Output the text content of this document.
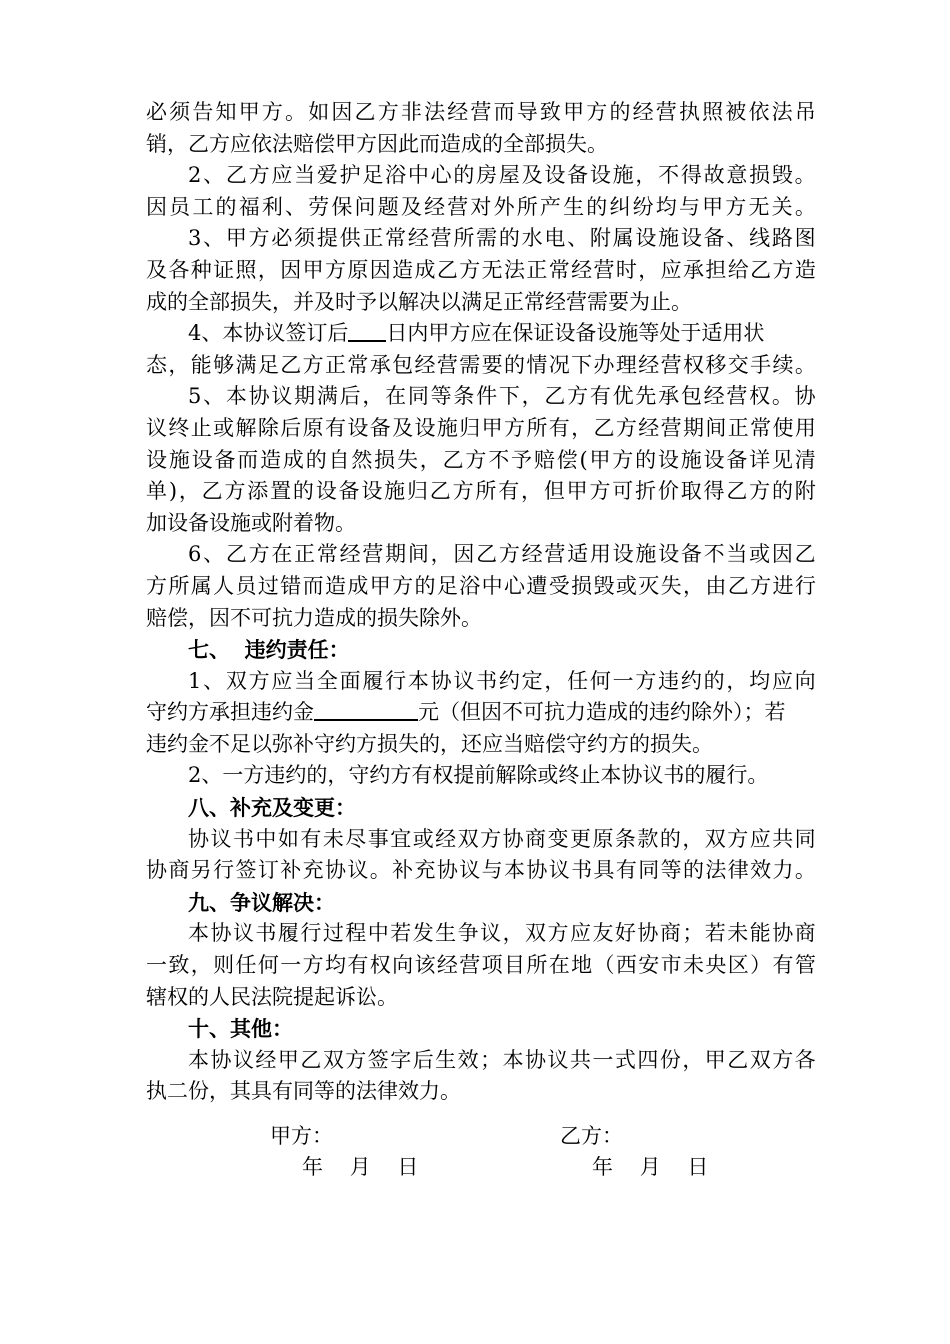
必 须 告 知 甲 方 。 如 因 乙 方 非 法 经 营 而 导 致 甲 方 的 经 营 执 照 被 依 法 吊
销，乙方应依法赔偿甲方因此而造成的全部损失。
2 、 乙 方 应 当 爱 护 足 浴 中 心 的 房 屋 及 设 备 设 施 ， 不 得 故 意 损 毁 。
因 员 工 的 福 利 、 劳 保 问 题 及 经 营 对 外 所 产 生 的 纠 纷 均 与 甲 方 无 关 。
3 、 甲 方 必 须 提 供 正 常 经 营 所 需 的 水 电 、 附 属 设 施 设 备 、 线 路 图
及 各 种 证 照 ， 因 甲 方 原 因 造 成 乙 方 无 法 正 常 经 营 时 ， 应 承 担 给 乙 方 造
成的全部损失，并及时予以解决以满足正常经营需要为止。
4、本协议签订后 日内甲方应在保证设备设施等处于适用状
态 ， 能 够 满 足 乙 方 正 常 承 包 经 营 需 要 的 情 况 下 办 理 经 营 权 移 交 手 续 。
5 、 本 协 议 期 满 后 ， 在 同 等 条 件 下 ， 乙 方 有 优 先 承 包 经 营 权 。 协
议 终 止 或 解 除 后 原 有 设 备 及 设 施 归 甲 方 所 有 ， 乙 方 经 营 期 间 正 常 使 用
设 施 设 备 而 造 成 的 自 然 损 失 ， 乙 方 不 予 赔 偿 ( 甲 方 的 设 施 设 备 详 见 清
单 ) ， 乙 方 添 置 的 设 备 设 施 归 乙 方 所 有 ， 但 甲 方 可 折 价 取 得 乙 方 的 附
加设备设施或附着物。
6 、 乙 方 在 正 常 经 营 期 间 ， 因 乙 方 经 营 适 用 设 施 设 备 不 当 或 因 乙
方 所 属 人 员 过 错 而 造 成 甲 方 的 足 浴 中 心 遭 受 损 毁 或 灭 失 ， 由 乙 方 进 行
赔偿，因不可抗力造成的损失除外。
七、  违约责任：
1 、 双 方 应 当 全 面 履 行 本 协 议 书 约 定 ， 任 何 一 方 违 约 的 ， 均 应 向
守约方承担违约金	元（但因不可抗力造成的违约除外）；若
违约金不足以弥补守约方损失的，还应当赔偿守约方的损失。
2、一方违约的，守约方有权提前解除或终止本协议书的履行。
八、补充及变更：
协 议 书 中 如 有 未 尽 事 宜 或 经 双 方 协 商 变 更 原 条 款 的 ， 双 方 应 共 同
协 商 另 行 签 订 补 充 协 议 。 补 充 协 议 与 本 协 议 书 具 有 同 等 的 法 律 效 力 。
九、争议解决：
本 协 议 书 履 行 过 程 中 若 发 生 争 议 ， 双 方 应 友 好 协 商 ； 若 未 能 协 商
一 致 ， 则 任 何 一 方 均 有 权 向 该 经 营 项 目 所 在 地 （ 西 安 市 未 央 区 ） 有 管
辖权的人民法院提起诉讼。
十、其他：
本 协 议 经 甲 乙 双 方 签 字 后 生 效 ； 本 协 议 共 一 式 四 份 ， 甲 乙 双 方 各
执二份，其具有同等的法律效力。
甲方：	乙方：
年    月    日	年    月    日
